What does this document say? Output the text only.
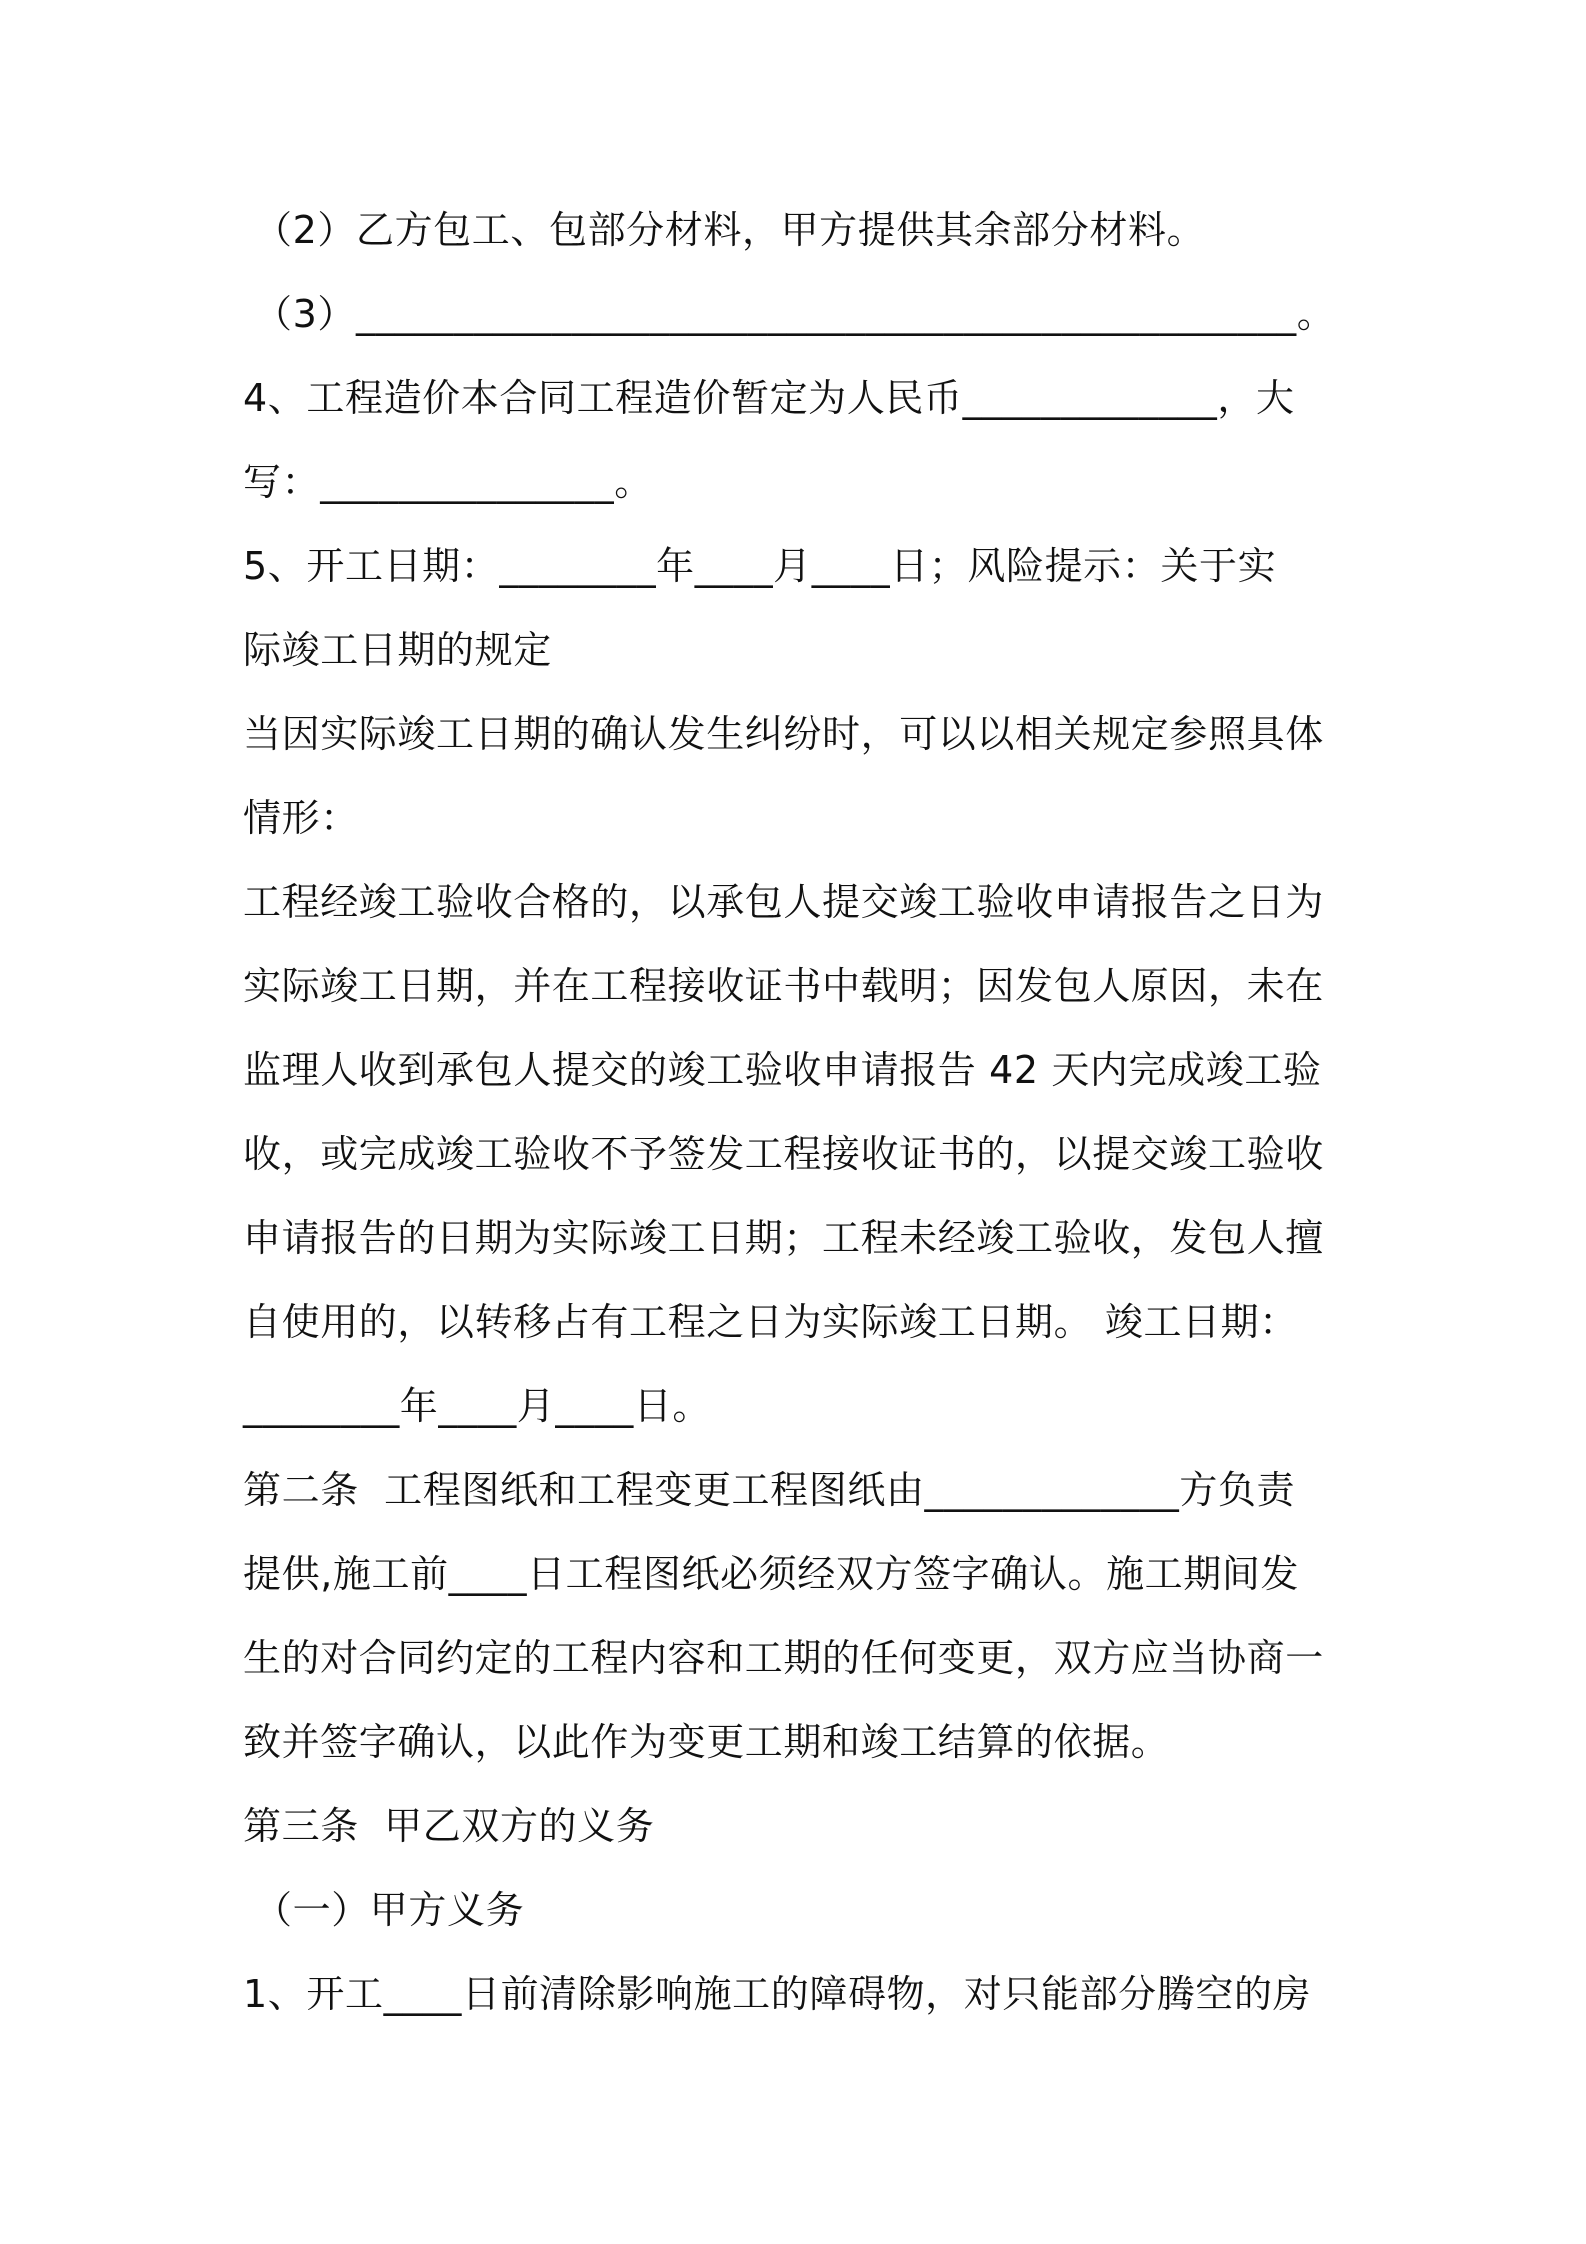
（2）乙方包工、包部分材料，甲方提供其余部分材料。
（3）________________________________________________。
4、工程造价本合同工程造价暂定为人民币_____________，大
写：_______________。
5、开工日期：________年____月____日；风险提示：关于实
际竣工日期的规定
当因实际竣工日期的确认发生纠纷时，可以以相关规定参照具体
情形：
工程经竣工验收合格的，以承包人提交竣工验收申请报告之日为
实际竣工日期，并在工程接收证书中载明；因发包人原因，未在
监理人收到承包人提交的竣工验收申请报告 42 天内完成竣工验
收，或完成竣工验收不予签发工程接收证书的，以提交竣工验收
申请报告的日期为实际竣工日期；工程未经竣工验收，发包人擅
自使用的，以转移占有工程之日为实际竣工日期。 竣工日期：
________年____月____日。
第二条  工程图纸和工程变更工程图纸由_____________方负责
提供,施工前____日工程图纸必须经双方签字确认。施工期间发
生的对合同约定的工程内容和工期的任何变更，双方应当协商一
致并签字确认，以此作为变更工期和竣工结算的依据。
第三条  甲乙双方的义务
（一）甲方义务
1、开工____日前清除影响施工的障碍物，对只能部分腾空的房
